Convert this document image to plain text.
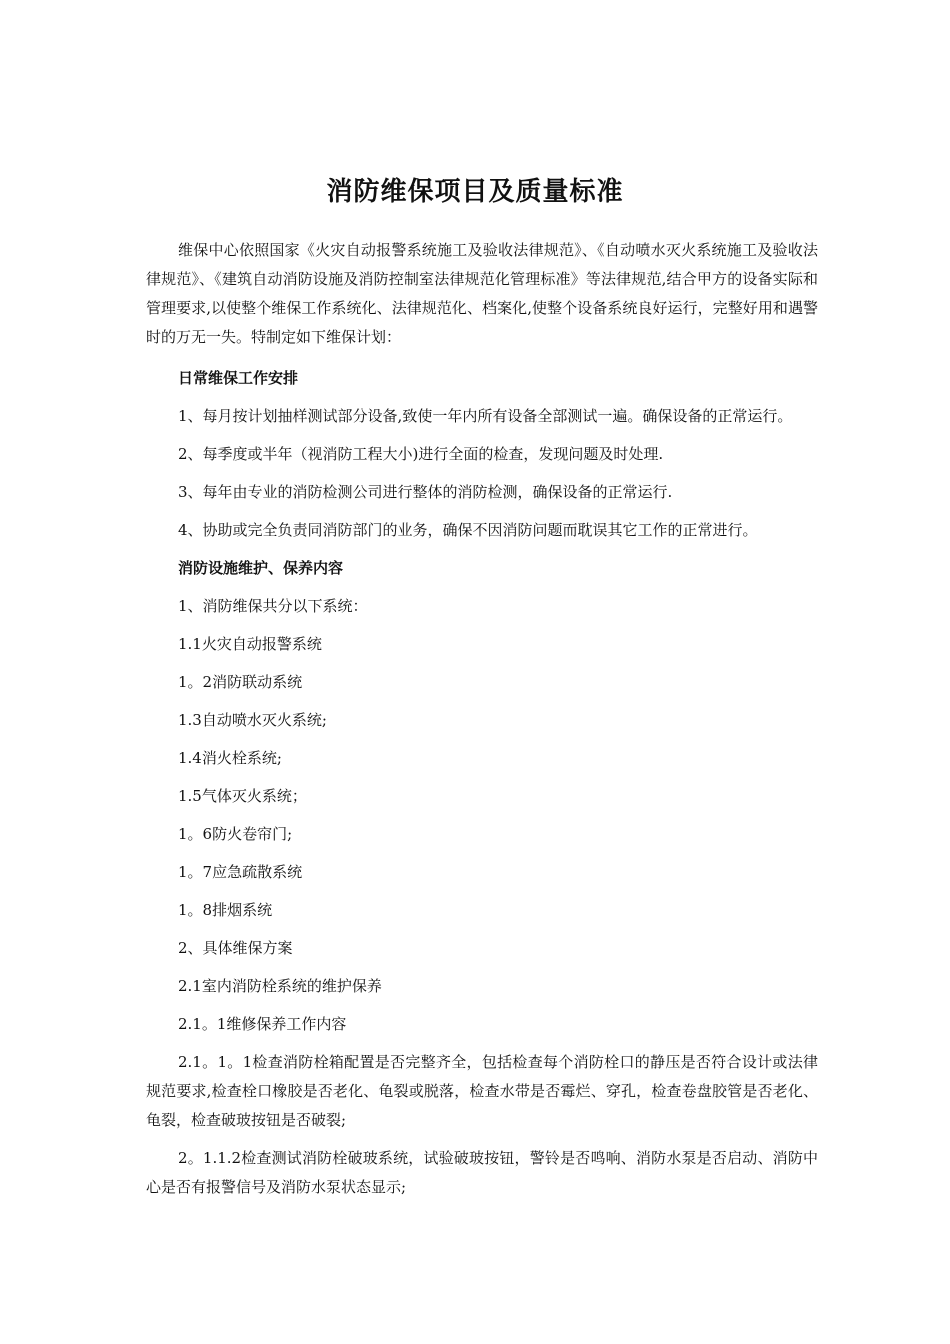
消防维保项目及质量标准

维保中心依照国家《火灾自动报警系统施工及验收法律规范》、《自动喷水灭火系统施工及验收法律规范》、《建筑自动消防设施及消防控制室法律规范化管理标准》等法律规范,结合甲方的设备实际和管理要求,以使整个维保工作系统化、法律规范化、档案化,使整个设备系统良好运行，完整好用和遇警时的万无一失。特制定如下维保计划：

日常维保工作安排

1、每月按计划抽样测试部分设备,致使一年内所有设备全部测试一遍。确保设备的正常运行。

2、每季度或半年（视消防工程大小)进行全面的检查，发现问题及时处理.

3、每年由专业的消防检测公司进行整体的消防检测，确保设备的正常运行.

4、协助或完全负责同消防部门的业务，确保不因消防问题而耽误其它工作的正常进行。

消防设施维护、保养内容

1、消防维保共分以下系统：

1.1火灾自动报警系统

1。2消防联动系统

1.3自动喷水灭火系统;

1.4消火栓系统;

1.5气体灭火系统；

1。6防火卷帘门;

1。7应急疏散系统

1。8排烟系统

2、具体维保方案

2.1室内消防栓系统的维护保养

2.1。1维修保养工作内容

2.1。1。1检查消防栓箱配置是否完整齐全，包括检查每个消防栓口的静压是否符合设计或法律规范要求,检查栓口橡胶是否老化、龟裂或脱落，检查水带是否霉烂、穿孔，检查卷盘胶管是否老化、龟裂，检查破玻按钮是否破裂;

2。1.1.2检查测试消防栓破玻系统，试验破玻按钮，警铃是否鸣响、消防水泵是否启动、消防中心是否有报警信号及消防水泵状态显示;
